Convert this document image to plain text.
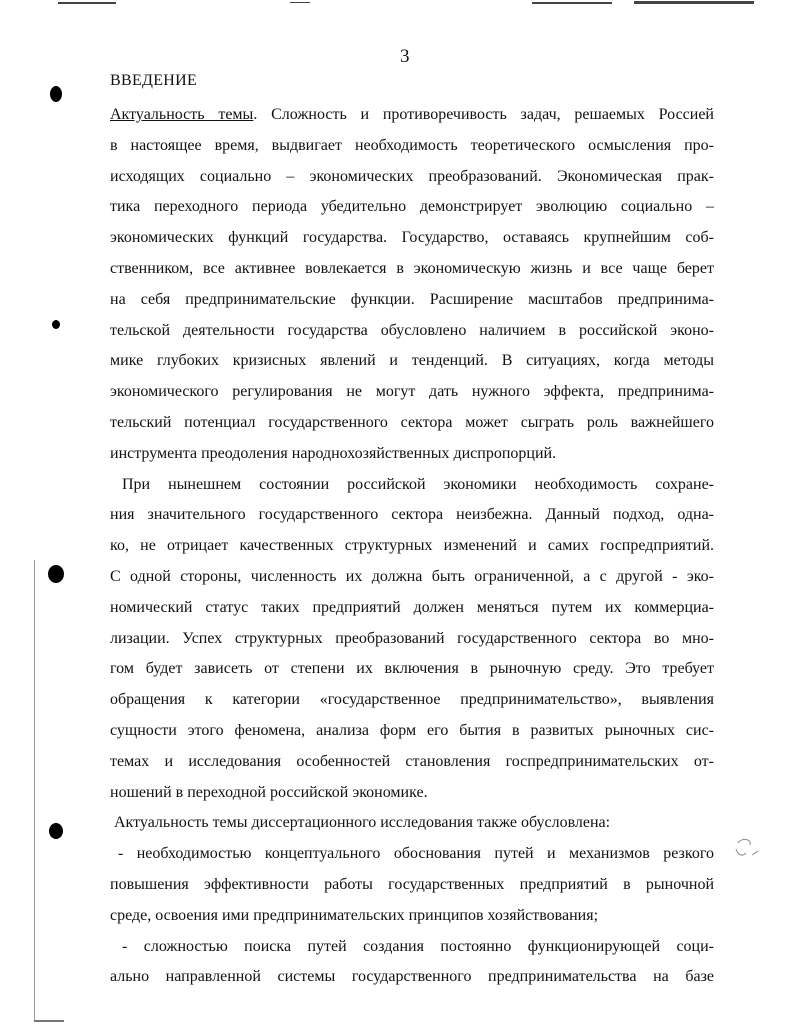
3
ВВЕДЕНИЕ
Актуальность темы. Сложность и противоречивость задач, решаемых Россией
в настоящее время, выдвигает необходимость теоретического осмысления про-
исходящих социально – экономических преобразований. Экономическая прак-
тика переходного периода убедительно демонстрирует эволюцию социально –
экономических функций государства. Государство, оставаясь крупнейшим соб-
ственником, все активнее вовлекается в экономическую жизнь и все чаще берет
на себя предпринимательские функции. Расширение масштабов предпринима-
тельской деятельности государства обусловлено наличием в российской эконо-
мике глубоких кризисных явлений и тенденций. В ситуациях, когда методы
экономического регулирования не могут дать нужного эффекта, предпринима-
тельский потенциал государственного сектора может сыграть роль важнейшего
инструмента преодоления народнохозяйственных диспропорций.
При нынешнем состоянии российской экономики необходимость сохране-
ния значительного государственного сектора неизбежна. Данный подход, одна-
ко, не отрицает качественных структурных изменений и самих госпредприятий.
С одной стороны, численность их должна быть ограниченной, а с другой - эко-
номический статус таких предприятий должен меняться путем их коммерциа-
лизации. Успех структурных преобразований государственного сектора во мно-
гом будет зависеть от степени их включения в рыночную среду. Это требует
обращения к категории «государственное предпринимательство», выявления
сущности этого феномена, анализа форм его бытия в развитых рыночных сис-
темах и исследования особенностей становления госпредпринимательских от-
ношений в переходной российской экономике.
Актуальность темы диссертационного исследования также обусловлена:
- необходимостью концептуального обоснования путей и механизмов резкого
повышения эффективности работы государственных предприятий в рыночной
среде, освоения ими предпринимательских принципов хозяйствования;
- сложностью поиска путей создания постоянно функционирующей соци-
ально направленной системы государственного предпринимательства на базе
